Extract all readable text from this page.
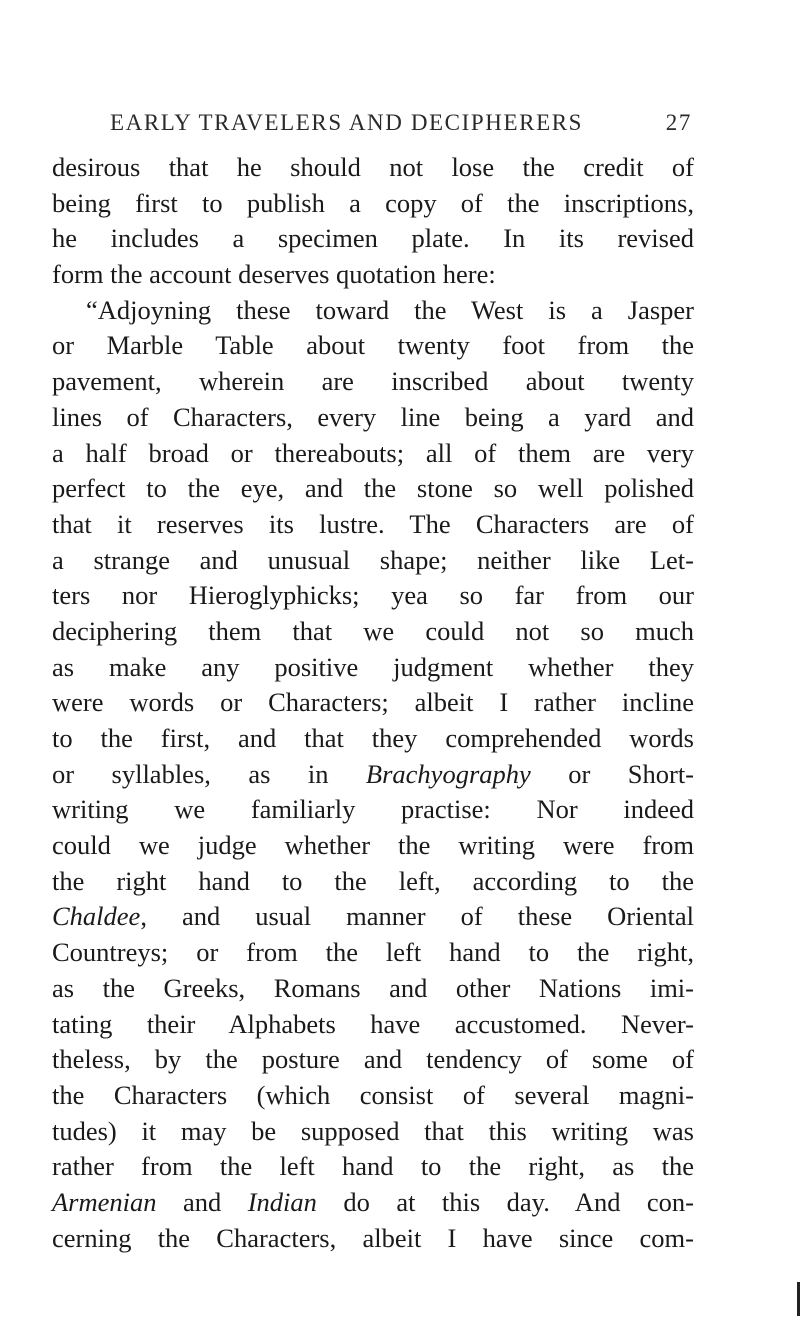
EARLY TRAVELERS AND DECIPHERERS	27
desirous that he should not lose the credit of
being first to publish a copy of the inscriptions,
he includes a specimen plate. In its revised
form the account deserves quotation here:
“Adjoyning these toward the West is a Jasper
or Marble Table about twenty foot from the
pavement, wherein are inscribed about twenty
lines of Characters, every line being a yard and
a half broad or thereabouts; all of them are very
perfect to the eye, and the stone so well polished
that it reserves its lustre. The Characters are of
a strange and unusual shape; neither like Let-
ters nor Hieroglyphicks; yea so far from our
deciphering them that we could not so much
as make any positive judgment whether they
were words or Characters; albeit I rather incline
to the first, and that they comprehended words
or syllables, as in Brachyography or Short-
writing we familiarly practise: Nor indeed
could we judge whether the writing were from
the right hand to the left, according to the
Chaldee, and usual manner of these Oriental
Countreys; or from the left hand to the right,
as the Greeks, Romans and other Nations imi-
tating their Alphabets have accustomed. Never-
theless, by the posture and tendency of some of
the Characters (which consist of several magni-
tudes) it may be supposed that this writing was
rather from the left hand to the right, as the
Armenian and Indian do at this day. And con-
cerning the Characters, albeit I have since com-
